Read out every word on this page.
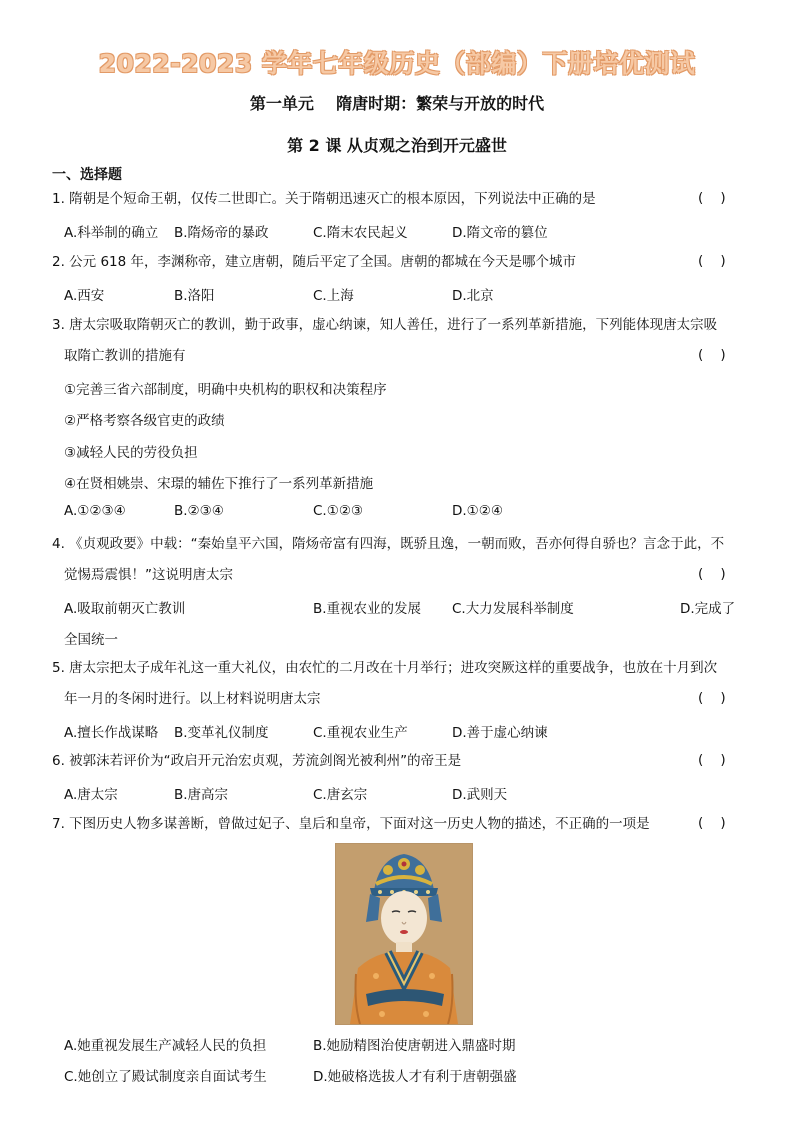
2022-2023 学年七年级历史（部编）下册培优测试
第一单元    隋唐时期：繁荣与开放的时代
第 2 课 从贞观之治到开元盛世
一、选择题
1. 隋朝是个短命王朝，仅传二世即亡。关于隋朝迅速灭亡的根本原因，下列说法中正确的是	(    )
A.科举制的确立 B.隋炀帝的暴政	C.隋末农民起义	D.隋文帝的篡位
2. 公元 618 年，李渊称帝，建立唐朝，随后平定了全国。唐朝的都城在今天是哪个城市	(    )
A.西安	B.洛阳	C.上海	D.北京
3. 唐太宗吸取隋朝灭亡的教训，勤于政事，虚心纳谏，知人善任，进行了一系列革新措施，下列能体现唐太宗吸
取隋亡教训的措施有	(    )
①完善三省六部制度，明确中央机构的职权和决策程序
②严格考察各级官吏的政绩
③减轻人民的劳役负担
④在贤相姚崇、宋璟的辅佐下推行了一系列革新措施
A.①②③④	B.②③④	C.①②③	D.①②④
4. 《贞观政要》中载：“秦始皇平六国，隋炀帝富有四海，既骄且逸，一朝而败，吾亦何得自骄也？言念于此，不
觉惕焉震惧！”这说明唐太宗	(    )
A.吸取前朝灭亡教训	B.重视农业的发展 C.大力发展科举制度	D.完成了
全国统一
5. 唐太宗把太子成年礼这一重大礼仪，由农忙的二月改在十月举行；进攻突厥这样的重要战争，也放在十月到次
年一月的冬闲时进行。以上材料说明唐太宗	(    )
A.擅长作战谋略 B.变革礼仪制度	C.重视农业生产	D.善于虚心纳谏
6. 被郭沫若评价为“政启开元治宏贞观，芳流剑阁光被利州”的帝王是	(    )
A.唐太宗	B.唐高宗	C.唐玄宗	D.武则天
7. 下图历史人物多谋善断，曾做过妃子、皇后和皇帝，下面对这一历史人物的描述，不正确的一项是	(    )
A.她重视发展生产减轻人民的负担	B.她励精图治使唐朝进入鼎盛时期
C.她创立了殿试制度亲自面试考生	D.她破格选拔人才有利于唐朝强盛
